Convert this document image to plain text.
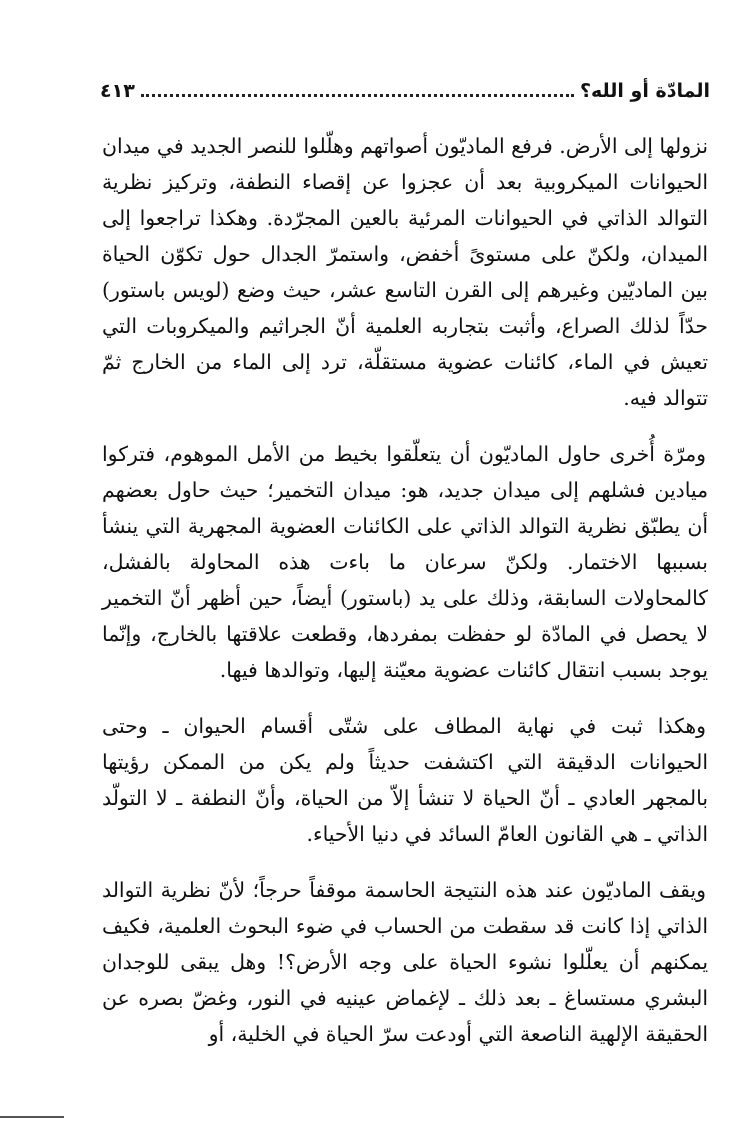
المادّة أو الله؟
٤١٣

نزولها إلى الأرض. فرفع الماديّون أصواتهم وهلّلوا للنصر الجديد في ميدان الحيوانات الميكروبية بعد أن عجزوا عن إقصاء النطفة، وتركيز نظرية التوالد الذاتي في الحيوانات المرئية بالعين المجرّدة. وهكذا تراجعوا إلى الميدان، ولكنّ على مستوىً أخفض، واستمرّ الجدال حول تكوّن الحياة بين الماديّين وغيرهم إلى القرن التاسع عشر، حيث وضع (لويس باستور) حدّاً لذلك الصراع، وأثبت بتجاربه العلمية أنّ الجراثيم والميكروبات التي تعيش في الماء، كائنات عضوية مستقلّة، ترد إلى الماء من الخارج ثمّ تتوالد فيه.

ومرّة أُخرى حاول الماديّون أن يتعلّقوا بخيط من الأمل الموهوم، فتركوا ميادين فشلهم إلى ميدان جديد، هو: ميدان التخمير؛ حيث حاول بعضهم أن يطبّق نظرية التوالد الذاتي على الكائنات العضوية المجهرية التي ينشأ بسببها الاختمار. ولكنّ سرعان ما باءت هذه المحاولة بالفشل، كالمحاولات السابقة، وذلك على يد (باستور) أيضاً، حين أظهر أنّ التخمير لا يحصل في المادّة لو حفظت بمفردها، وقطعت علاقتها بالخارج، وإنّما يوجد بسبب انتقال كائنات عضوية معيّنة إليها، وتوالدها فيها.

وهكذا ثبت في نهاية المطاف على شتّى أقسام الحيوان ـ وحتى الحيوانات الدقيقة التي اكتشفت حديثاً ولم يكن من الممكن رؤيتها بالمجهر العادي ـ أنّ الحياة لا تنشأ إلاّ من الحياة، وأنّ النطفة ـ لا التولّد الذاتي ـ هي القانون العامّ السائد في دنيا الأحياء.

ويقف الماديّون عند هذه النتيجة الحاسمة موقفاً حرجاً؛ لأنّ نظرية التوالد الذاتي إذا كانت قد سقطت من الحساب في ضوء البحوث العلمية، فكيف يمكنهم أن يعلّلوا نشوء الحياة على وجه الأرض؟! وهل يبقى للوجدان البشري مستساغ ـ بعد ذلك ـ لإغماض عينيه في النور، وغضّ بصره عن الحقيقة الإلهية الناصعة التي أودعت سرّ الحياة في الخلية، أو
